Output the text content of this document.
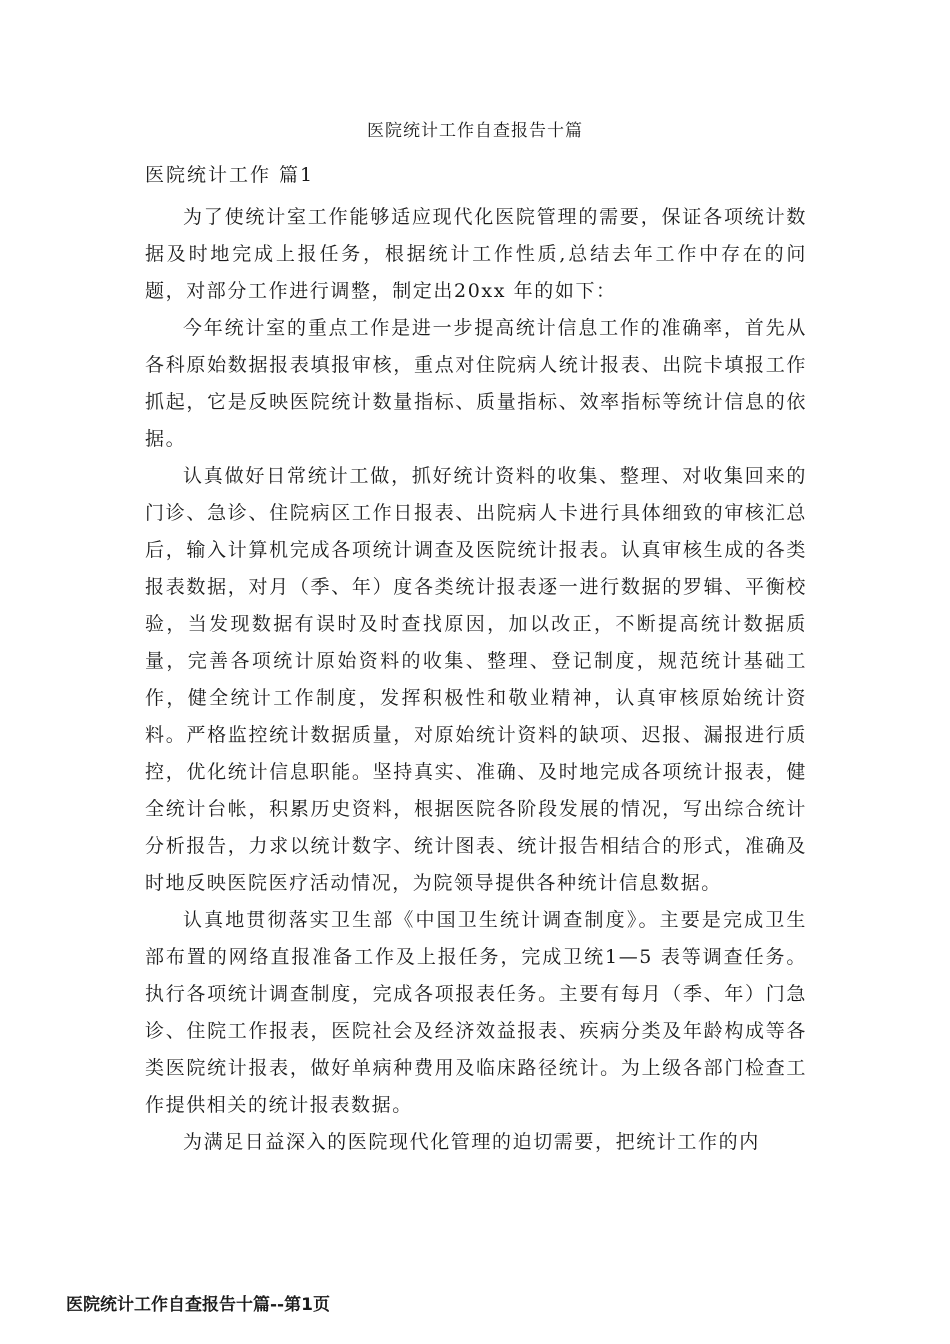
医院统计工作自查报告十篇
医院统计工作 篇1

为了使统计室工作能够适应现代化医院管理的需要，保证各项统计数据及时地完成上报任务，根据统计工作性质,总结去年工作中存在的问题，对部分工作进行调整，制定出20xx 年的如下：

今年统计室的重点工作是进一步提高统计信息工作的准确率，首先从各科原始数据报表填报审核，重点对住院病人统计报表、出院卡填报工作抓起，它是反映医院统计数量指标、质量指标、效率指标等统计信息的依据。

认真做好日常统计工做，抓好统计资料的收集、整理、对收集回来的门诊、急诊、住院病区工作日报表、出院病人卡进行具体细致的审核汇总后，输入计算机完成各项统计调查及医院统计报表。认真审核生成的各类报表数据，对月（季、年）度各类统计报表逐一进行数据的罗辑、平衡校验，当发现数据有误时及时查找原因，加以改正，不断提高统计数据质量，完善各项统计原始资料的收集、整理、登记制度，规范统计基础工作，健全统计工作制度，发挥积极性和敬业精神，认真审核原始统计资料。严格监控统计数据质量，对原始统计资料的缺项、迟报、漏报进行质控，优化统计信息职能。坚持真实、准确、及时地完成各项统计报表，健全统计台帐，积累历史资料，根据医院各阶段发展的情况，写出综合统计分析报告，力求以统计数字、统计图表、统计报告相结合的形式，准确及时地反映医院医疗活动情况，为院领导提供各种统计信息数据。

认真地贯彻落实卫生部《中国卫生统计调查制度》。主要是完成卫生部布置的网络直报准备工作及上报任务，完成卫统1—5 表等调查任务。执行各项统计调查制度，完成各项报表任务。主要有每月（季、年）门急诊、住院工作报表，医院社会及经济效益报表、疾病分类及年龄构成等各类医院统计报表，做好单病种费用及临床路径统计。为上级各部门检查工作提供相关的统计报表数据。

为满足日益深入的医院现代化管理的迫切需要，把统计工作的内

医院统计工作自查报告十篇--第1页
